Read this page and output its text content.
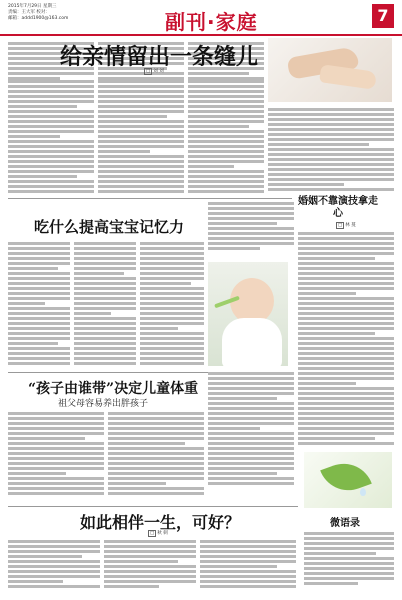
2015年7月29日 星期三
责编：王大军 校对：
邮箱：addd1900@163.com	副刊·家庭	7
给亲情留出一条缝儿
□ 刘 刘
婚姻不靠演技拿走心
□ 林 蔓
吃什么提高宝宝记忆力
“孩子由谁带”决定儿童体重
祖父母容易养出胖孩子
如此相伴一生，可好？
□ 秋 刺
微语录
